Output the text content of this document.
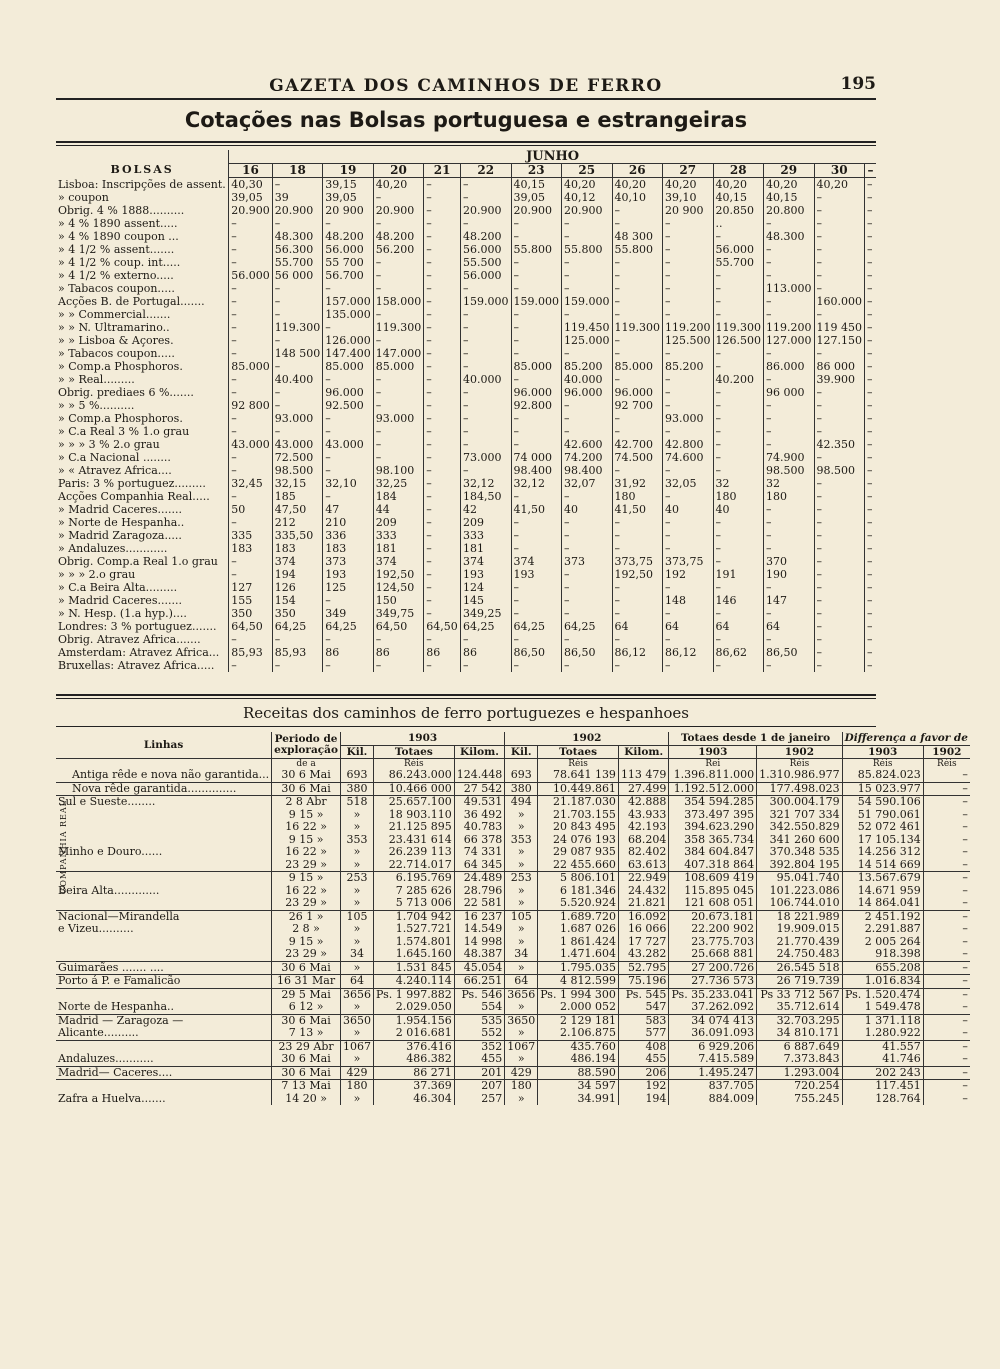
GAZETA DOS CAMINHOS DE FERRO	195
Cotações nas Bolsas portuguesa e estrangeiras
BOLSAS	JUNHO													
	16	18	19	20	21	22	23	25	26	27	28	29	30	–
Lisboa: Inscripções de assent.	40,30	–	39,15	40,20	–	–	40,15	40,20	40,20	40,20	40,20	40,20	40,20	–
» coupon	39,05	39	39,05	–	–	–	39,05	40,12	40,10	39,10	40,15	40,15	–	–
Obrig. 4 % 1888..........	20.900	20.900	20 900	20.900	–	20.900	20.900	20.900	–	20 900	20.850	20.800	–	–
» 4 % 1890 assent.....	–	–	–	–	–	–	–	–	–	–	..	–	–	–
» 4 % 1890 coupon ...	–	48.300	48.200	48.200	–	48.200	–	–	48 300	–	–	48.300	–	–
» 4 1/2 % assent.......	–	56.300	56.000	56.200	–	56.000	55.800	55.800	55.800	–	56.000	–	–	–
» 4 1/2 % coup. int.....	–	55.700	55 700	–	–	55.500	–	–	–	–	55.700	–	–	–
» 4 1/2 % externo.....	56.000	56 000	56.700	–	–	56.000	–	–	–	–	–	–	–	–
» Tabacos coupon.....	–	–	–	–	–	–	–	–	–	–	–	113.000	–	–
Acções B. de Portugal.......	–	–	157.000	158.000	–	159.000	159.000	159.000	–	–	–	–	160.000	–
» » Commercial.......	–	–	135.000	–	–	–	–	–	–	–	–	–	–	–
» » N. Ultramarino..	–	119.300	–	119.300	–	–	–	119.450	119.300	119.200	119.300	119.200	119 450	–
» » Lisboa & Açores.	–	–	126.000	–	–	–	–	125.000	–	125.500	126.500	127.000	127.150	–
» Tabacos coupon.....	–	148 500	147.400	147.000	–	–	–	–	–	–	–	–	–	–
» Comp.a Phosphoros.	85.000	–	85.000	85.000	–	–	85.000	85.200	85.000	85.200	–	86.000	86 000	–
» » Real.........	–	40.400	–	–	–	40.000	–	40.000	–	–	40.200	–	39.900	–
Obrig. prediaes 6 %.......	–	–	96.000	–	–	–	96.000	96.000	96.000	–	–	96 000	–	–
» » 5 %..........	92 800	–	92.500	–	–	–	92.800	–	92 700	–	–	–	–	–
» Comp.a Phosphoros.	–	93.000	–	93.000	–	–	–	–	–	93.000	–	–	–	–
» C.a Real 3 % 1.o grau	–	–	–	–	–	–	–	–	–	–	–	–	–	–
» » » 3 % 2.o grau	43.000	43.000	43.000	–	–	–	–	42.600	42.700	42.800	–	–	42.350	–
» C.a Nacional ........	–	72.500	–	–	–	73.000	74 000	74.200	74.500	74.600	–	74.900	–	–
» « Atravez Africa....	–	98.500	–	98.100	–	–	98.400	98.400	–	–	–	98.500	98.500	–
Paris: 3 % portuguez.........	32,45	32,15	32,10	32,25	–	32,12	32,12	32,07	31,92	32,05	32	32	–	–
Acções Companhia Real.....	–	185	–	184	–	184,50	–	–	180	–	180	180	–	–
» Madrid Caceres.......	50	47,50	47	44	–	42	41,50	40	41,50	40	40	–	–	–
» Norte de Hespanha..	–	212	210	209	–	209	–	–	–	–	–	–	–	–
» Madrid Zaragoza.....	335	335,50	336	333	–	333	–	–	–	–	–	–	–	–
» Andaluzes............	183	183	183	181	–	181	–	–	–	–	–	–	–	–
Obrig. Comp.a Real 1.o grau	–	374	373	374	–	374	374	373	373,75	373,75	–	370	–	–
» » » 2.o grau	–	194	193	192,50	–	193	193	–	192,50	192	191	190	–	–
» C.a Beira Alta.........	127	126	125	124,50	–	124	–	–	–	–	–	–	–	–
» Madrid Caceres.......	155	154	–	150	–	145	–	–	–	148	146	147	–	–
» N. Hesp. (1.a hyp.)....	350	350	349	349,75	–	349,25	–	–	–	–	–	–	–	–
Londres: 3 % portuguez.......	64,50	64,25	64,25	64,50	64,50	64,25	64,25	64,25	64	64	64	64	–	–
Obrig. Atravez Africa.......	–	–	–	–	–	–	–	–	–	–	–	–	–	–
Amsterdam: Atravez Africa...	85,93	85,93	86	86	86	86	86,50	86,50	86,12	86,12	86,62	86,50	–	–
Bruxellas: Atravez Africa.....	–	–	–	–	–	–	–	–	–	–	–	–	–	–
Receitas dos caminhos de ferro portuguezes e hespanhoes
Linhas	Periodo de exploração	1903			1902			Totaes desde 1 de janeiro		Differença a favor de	
		Kil.	Totaes	Kilom.	Kil.	Totaes	Kilom.	1903	1902	1903	1902
	de a		Réis			Réis		Rei	Réis	Réis	Réis
Antiga rêde e nova não garantida...	30 6 Mai	693	86.243.000	124.448	693	78.641 139	113 479	1.396.811.000	1.310.986.977	85.824.023	–
Nova rêde garantida..............	30 6 Mai	380	10.466 000	27 542	380	10.449.861	27.499	1.192.512.000	177.498.023	15 023.977	–
Sul e Sueste........	2 8 Abr	518	25.657.100	49.531	494	21.187.030	42.888	354 594.285	300.004.179	54 590.106	–
	9 15 »	»	18 903.110	36 492	»	21.703.155	43.933	373.497 395	321 707 334	51 790.061	–
	16 22 »	»	21.125 895	40.783	»	20 843 495	42.193	394.623.290	342.550.829	52 072 461	–
	9 15 »	353	23.431 614	66 378	353	24 076 193	68.204	358 365.734	341 260 600	17 105.134	–
Minho e Douro......	16 22 »	»	26.239 113	74 331	»	29 087 935	82.402	384 604.847	370.348 535	14.256 312	–
	23 29 »	»	22.714.017	64 345	»	22 455.660	63.613	407.318 864	392.804 195	14 514 669	–
	9 15 »	253	6.195.769	24.489	253	5 806.101	22.949	108.609 419	95.041.740	13.567.679	–
Beira Alta.............	16 22 »	»	7 285 626	28.796	»	6 181.346	24.432	115.895 045	101.223.086	14.671 959	–
	23 29 »	»	5 713 006	22 581	»	5.520.924	21.821	121 608 051	106.744.010	14 864.041	–
Nacional—Mirandella	26 1 »	105	1.704 942	16 237	105	1.689.720	16.092	20.673.181	18 221.989	2 451.192	–
e Vizeu..........	2 8 »	»	1.527.721	14.549	»	1.687 026	16 066	22.200 902	19.909.015	2.291.887	–
	9 15 »	»	1.574.801	14 998	»	1 861.424	17 727	23.775.703	21.770.439	2 005 264	–
	23 29 »	34	1.645.160	48.387	34	1.471.604	43.282	25.668 881	24.750.483	918.398	–
Guimarães ....... ....	30 6 Mai	»	1.531 845	45.054	»	1.795.035	52.795	27 200.726	26.545 518	655.208	–
Porto á P. e Famalicão	16 31 Mar	64	4.240.114	66.251	64	4 812.599	75.196	27.736 573	26 719.739	1.016.834	–
	29 5 Mai	3656	Ps. 1 997.882	Ps. 546	3656	Ps. 1 994 300	Ps. 545	Ps. 35.233.041	Ps 33 712 567	Ps. 1.520.474	–
Norte de Hespanha..	6 12 »	»	2.029.050	554	»	2.000 052	547	37.262.092	35.712.614	1 549.478	–
Madrid — Zaragoza —	30 6 Mai	3650	1.954.156	535	3650	2 129 181	583	34 074 413	32.703.295	1 371.118	–
Alicante..........	7 13 »	»	2 016.681	552	»	2.106.875	577	36.091.093	34 810.171	1.280.922	–
	23 29 Abr	1067	376.416	352	1067	435.760	408	6 929.206	6 887.649	41.557	–
Andaluzes...........	30 6 Mai	»	486.382	455	»	486.194	455	7.415.589	7.373.843	41.746	–
Madrid— Caceres....	30 6 Mai	429	86 271	201	429	88.590	206	1.495.247	1.293.004	202 243	–
	7 13 Mai	180	37.369	207	180	34 597	192	837.705	720.254	117.451	–
Zafra a Huelva.......	14 20 »	»	46.304	257	»	34.991	194	884.009	755.245	128.764	–
COMPANHIA REAL
